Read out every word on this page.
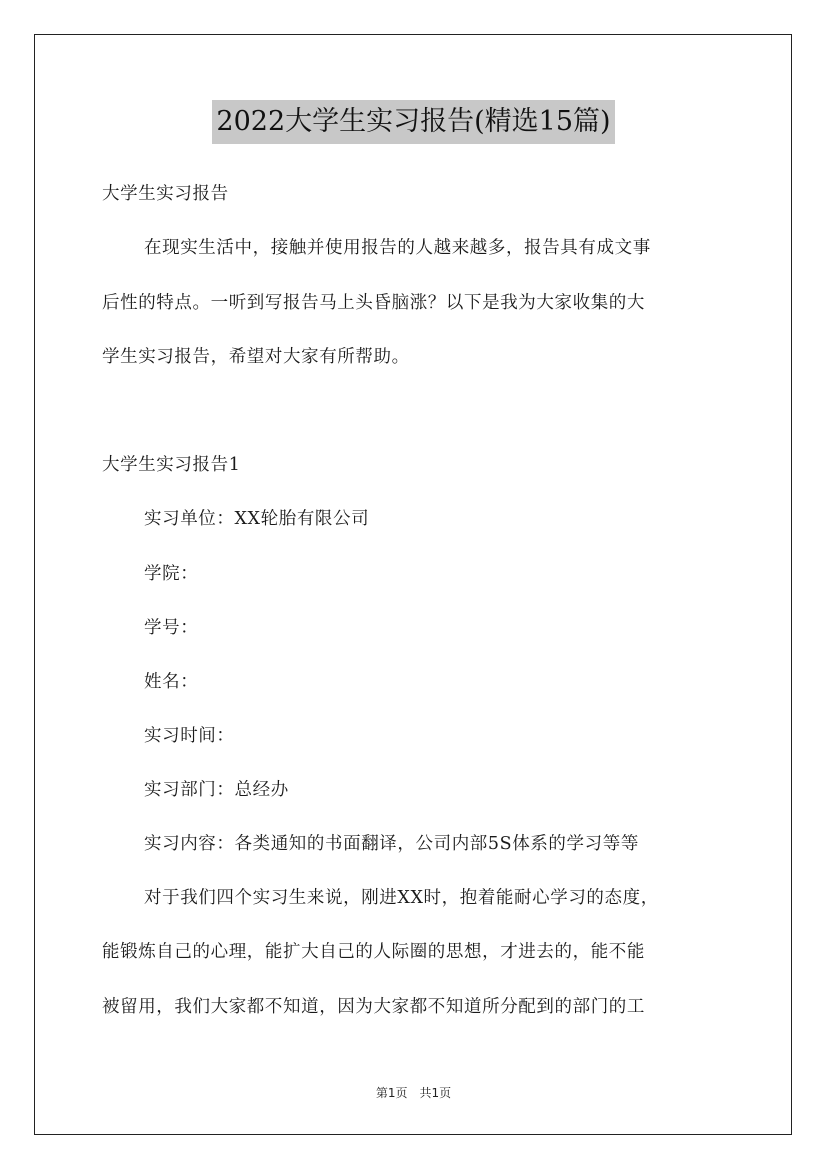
2022大学生实习报告(精选15篇)
大学生实习报告
在现实生活中，接触并使用报告的人越来越多，报告具有成文事
后性的特点。一听到写报告马上头昏脑涨？以下是我为大家收集的大
学生实习报告，希望对大家有所帮助。
大学生实习报告1
实习单位：XX轮胎有限公司
学院：
学号：
姓名：
实习时间：
实习部门：总经办
实习内容：各类通知的书面翻译，公司内部5S体系的学习等等
对于我们四个实习生来说，刚进XX时，抱着能耐心学习的态度，
能锻炼自己的心理，能扩大自己的人际圈的思想，才进去的，能不能
被留用，我们大家都不知道，因为大家都不知道所分配到的部门的工
第1页　共1页
